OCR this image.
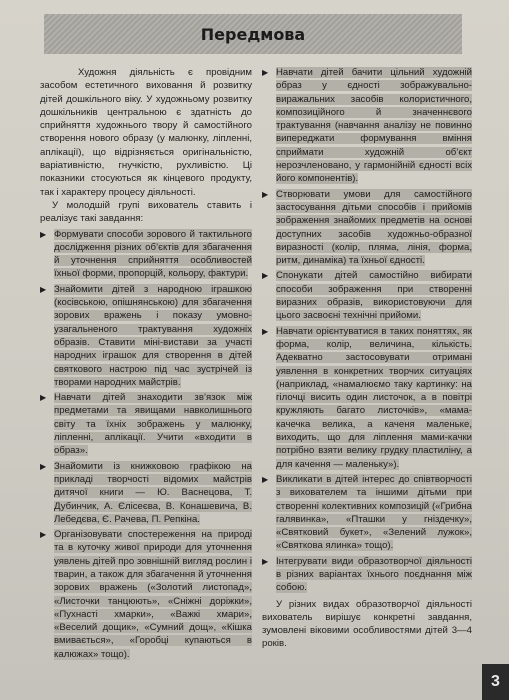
Передмова

Художня діяльність є провідним засобом естетичного виховання й розвитку дітей дошкільного віку. У художньому розвитку дошкільників центральною є здатність до сприйняття художнього твору й самостійного створення нового образу (у малюнку, ліпленні, аплікації), що відрізняється оригінальністю, варіативністю, гнучкістю, рухливістю. Ці показники стосуються як кінцевого продукту, так і характеру процесу діяльності.

У молодшій групі вихователь ставить і реалізує такі завдання:

▶ Формувати способи зорового й тактильного дослідження різних об’єктів для збагачення й уточнення сприйняття особливостей їхньої форми, пропорцій, кольору, фактури.
▶ Знайомити дітей з народною іграшкою (косівською, опішнянською) для збагачення зорових вражень і показу умовно-узагальненого трактування художніх образів. Ставити міні-вистави за участі народних іграшок для створення в дітей святкового настрою під час зустрічей із творами народних майстрів.
▶ Навчати дітей знаходити зв’язок між предметами та явищами навколишнього світу та їхніх зображень у малюнку, ліпленні, аплікації. Учити «входити в образ».
▶ Знайомити із книжковою графікою на прикладі творчості відомих майстрів дитячої книги — Ю. Васнецова, Т. Дубинчик, А. Єлісеєва, В. Конашевича, В. Лебедєва, Є. Рачева, П. Репкіна.
▶ Організовувати спостереження на природі та в куточку живої природи для уточнення уявлень дітей про зовнішній вигляд рослин і тварин, а також для збагачення й уточнення зорових вражень («Золотий листопад», «Листочки танцюють», «Сніжні доріжки», «Пухнасті хмарки», «Важкі хмари», «Веселий дощик», «Сумний дощ», «Кішка вмивається», «Горобці купаються в калюжах» тощо).
▶ Навчати дітей бачити цільний художній образ у єдності зображувально-виражальних засобів колористичного, композиційного й значеннєвого трактування (навчання аналізу не повинно випереджати формування вміння сприймати художній об’єкт нерозчленовано, у гармонійній єдності всіх його компонентів).
▶ Створювати умови для самостійного застосування дітьми способів і прийомів зображення знайомих предметів на основі доступних засобів художньо-образної виразності (колір, пляма, лінія, форма, ритм, динаміка) та їхньої єдності.
▶ Спонукати дітей самостійно вибирати способи зображення при створенні виразних образів, використовуючи для цього засвоєні технічні прийоми.
▶ Навчати орієнтуватися в таких поняттях, як форма, колір, величина, кількість. Адекватно застосовувати отримані уявлення в конкретних творчих ситуаціях (наприклад, «намалюємо таку картинку: на гілочці висить один листочок, а в повітрі кружляють багато листочків», «мама-качечка велика, а каченя маленьке, виходить, що для ліплення мами-качки потрібно взяти велику грудку пластиліну, а для качення — маленьку»).
▶ Викликати в дітей інтерес до співтворчості з вихователем та іншими дітьми при створенні колективних композицій («Грибна галявинка», «Пташки у гніздечку», «Святковий букет», «Зелений лужок», «Святкова ялинка» тощо).
▶ Інтегрувати види образотворчої діяльності в різних варіантах їхнього поєднання між собою.

У різних видах образотворчої діяльності вихователь вирішує конкретні завдання, зумовлені віковими особливостями дітей 3—4 років.

3
